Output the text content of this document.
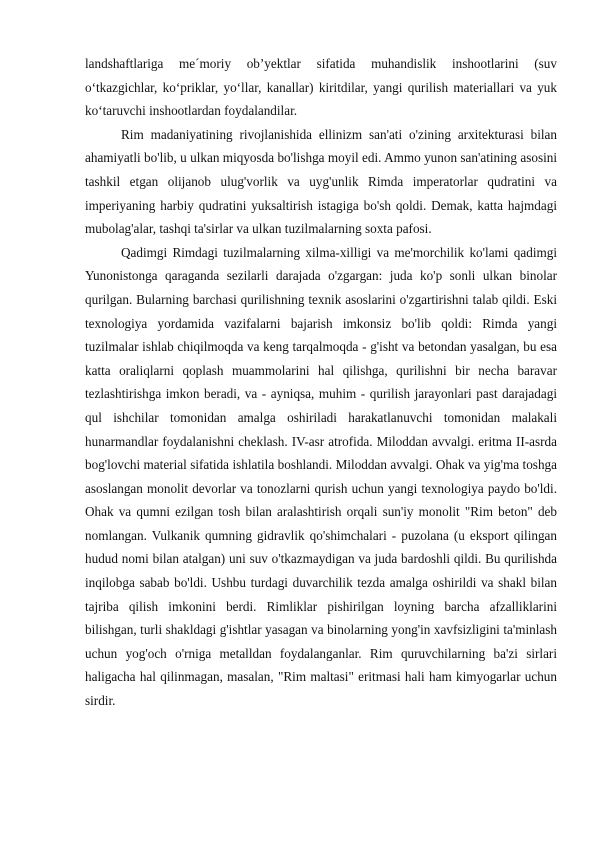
landshaftlariga me´moriy ob’yektlar sifatida muhandislik inshootlarini (suv o‘tkazgichlar, ko‘priklar, yo‘llar, kanallar) kiritdilar, yangi qurilish materiallari va yuk ko‘taruvchi inshootlardan foydalandilar.

Rim madaniyatining rivojlanishida ellinizm san'ati o'zining arxitekturasi bilan ahamiyatli bo'lib, u ulkan miqyosda bo'lishga moyil edi. Ammo yunon san'atining asosini tashkil etgan olijanob ulug'vorlik va uyg'unlik Rimda imperatorlar qudratini va imperiyaning harbiy qudratini yuksaltirish istagiga bo'sh qoldi. Demak, katta hajmdagi mubolag'alar, tashqi ta'sirlar va ulkan tuzilmalarning soxta pafosi.

Qadimgi Rimdagi tuzilmalarning xilma-xilligi va me'morchilik ko'lami qadimgi Yunonistonga qaraganda sezilarli darajada o'zgargan: juda ko'p sonli ulkan binolar qurilgan. Bularning barchasi qurilishning texnik asoslarini o'zgartirishni talab qildi. Eski texnologiya yordamida vazifalarni bajarish imkonsiz bo'lib qoldi: Rimda yangi tuzilmalar ishlab chiqilmoqda va keng tarqalmoqda - g'isht va betondan yasalgan, bu esa katta oraliqlarni qoplash muammolarini hal qilishga, qurilishni bir necha baravar tezlashtirishga imkon beradi, va - ayniqsa, muhim - qurilish jarayonlari past darajadagi qul ishchilar tomonidan amalga oshiriladi harakatlanuvchi tomonidan malakali hunarmandlar foydalanishni cheklash. IV-asr atrofida. Miloddan avvalgi. eritma II-asrda bog'lovchi material sifatida ishlatila boshlandi. Miloddan avvalgi. Ohak va yig'ma toshga asoslangan monolit devorlar va tonozlarni qurish uchun yangi texnologiya paydo bo'ldi. Ohak va qumni ezilgan tosh bilan aralashtirish orqali sun'iy monolit "Rim beton" deb nomlangan. Vulkanik qumning gidravlik qo'shimchalari - puzolana (u eksport qilingan hudud nomi bilan atalgan) uni suv o'tkazmaydigan va juda bardoshli qildi. Bu qurilishda inqilobga sabab bo'ldi. Ushbu turdagi duvarchilik tezda amalga oshirildi va shakl bilan tajriba qilish imkonini berdi. Rimliklar pishirilgan loyning barcha afzalliklarini bilishgan, turli shakldagi g'ishtlar yasagan va binolarning yong'in xavfsizligini ta'minlash uchun yog'och o'rniga metalldan foydalanganlar. Rim quruvchilarning ba'zi sirlari haligacha hal qilinmagan, masalan, "Rim maltasi" eritmasi hali ham kimyogarlar uchun sirdir.
